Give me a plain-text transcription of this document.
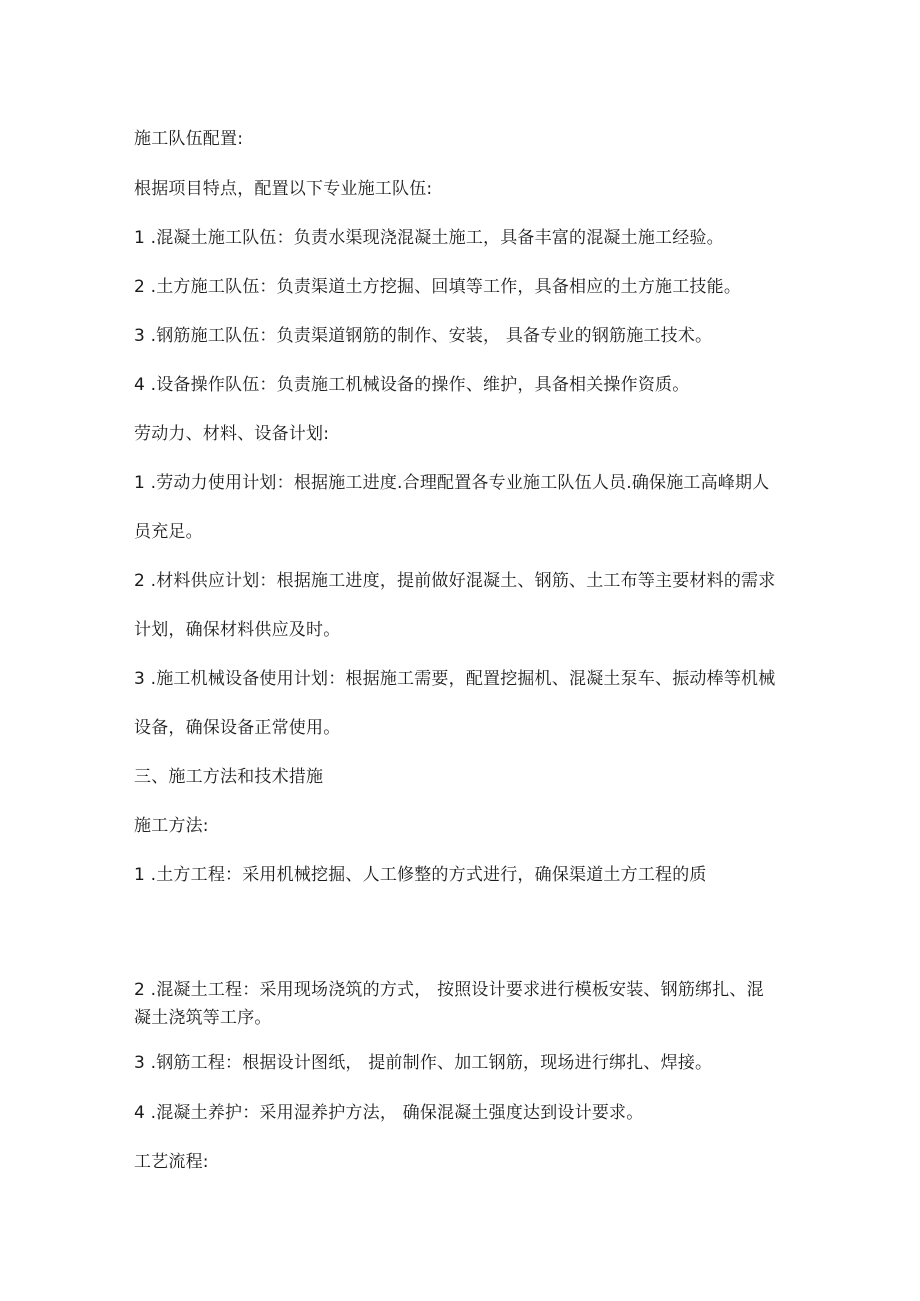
施工队伍配置:
根据项目特点，配置以下专业施工队伍:
1 .混凝土施工队伍：负责水渠现浇混凝土施工，具备丰富的混凝土施工经验。
2 .土方施工队伍：负责渠道土方挖掘、回填等工作，具备相应的土方施工技能。
3 .钢筋施工队伍：负责渠道钢筋的制作、安装， 具备专业的钢筋施工技术。
4 .设备操作队伍：负责施工机械设备的操作、维护，具备相关操作资质。
劳动力、材料、设备计划:
1 .劳动力使用计划：根据施工进度.合理配置各专业施工队伍人员.确保施工高峰期人
员充足。
2 .材料供应计划：根据施工进度，提前做好混凝土、钢筋、土工布等主要材料的需求
计划，确保材料供应及时。
3 .施工机械设备使用计划：根据施工需要，配置挖掘机、混凝土泵车、振动棒等机械
设备，确保设备正常使用。
三、施工方法和技术措施
施工方法:
1 .土方工程：采用机械挖掘、人工修整的方式进行，确保渠道土方工程的质
2 .混凝土工程：采用现场浇筑的方式， 按照设计要求进行模板安装、钢筋绑扎、混
凝土浇筑等工序。
3 .钢筋工程：根据设计图纸， 提前制作、加工钢筋，现场进行绑扎、焊接。
4 .混凝土养护：采用湿养护方法， 确保混凝土强度达到设计要求。
工艺流程:
